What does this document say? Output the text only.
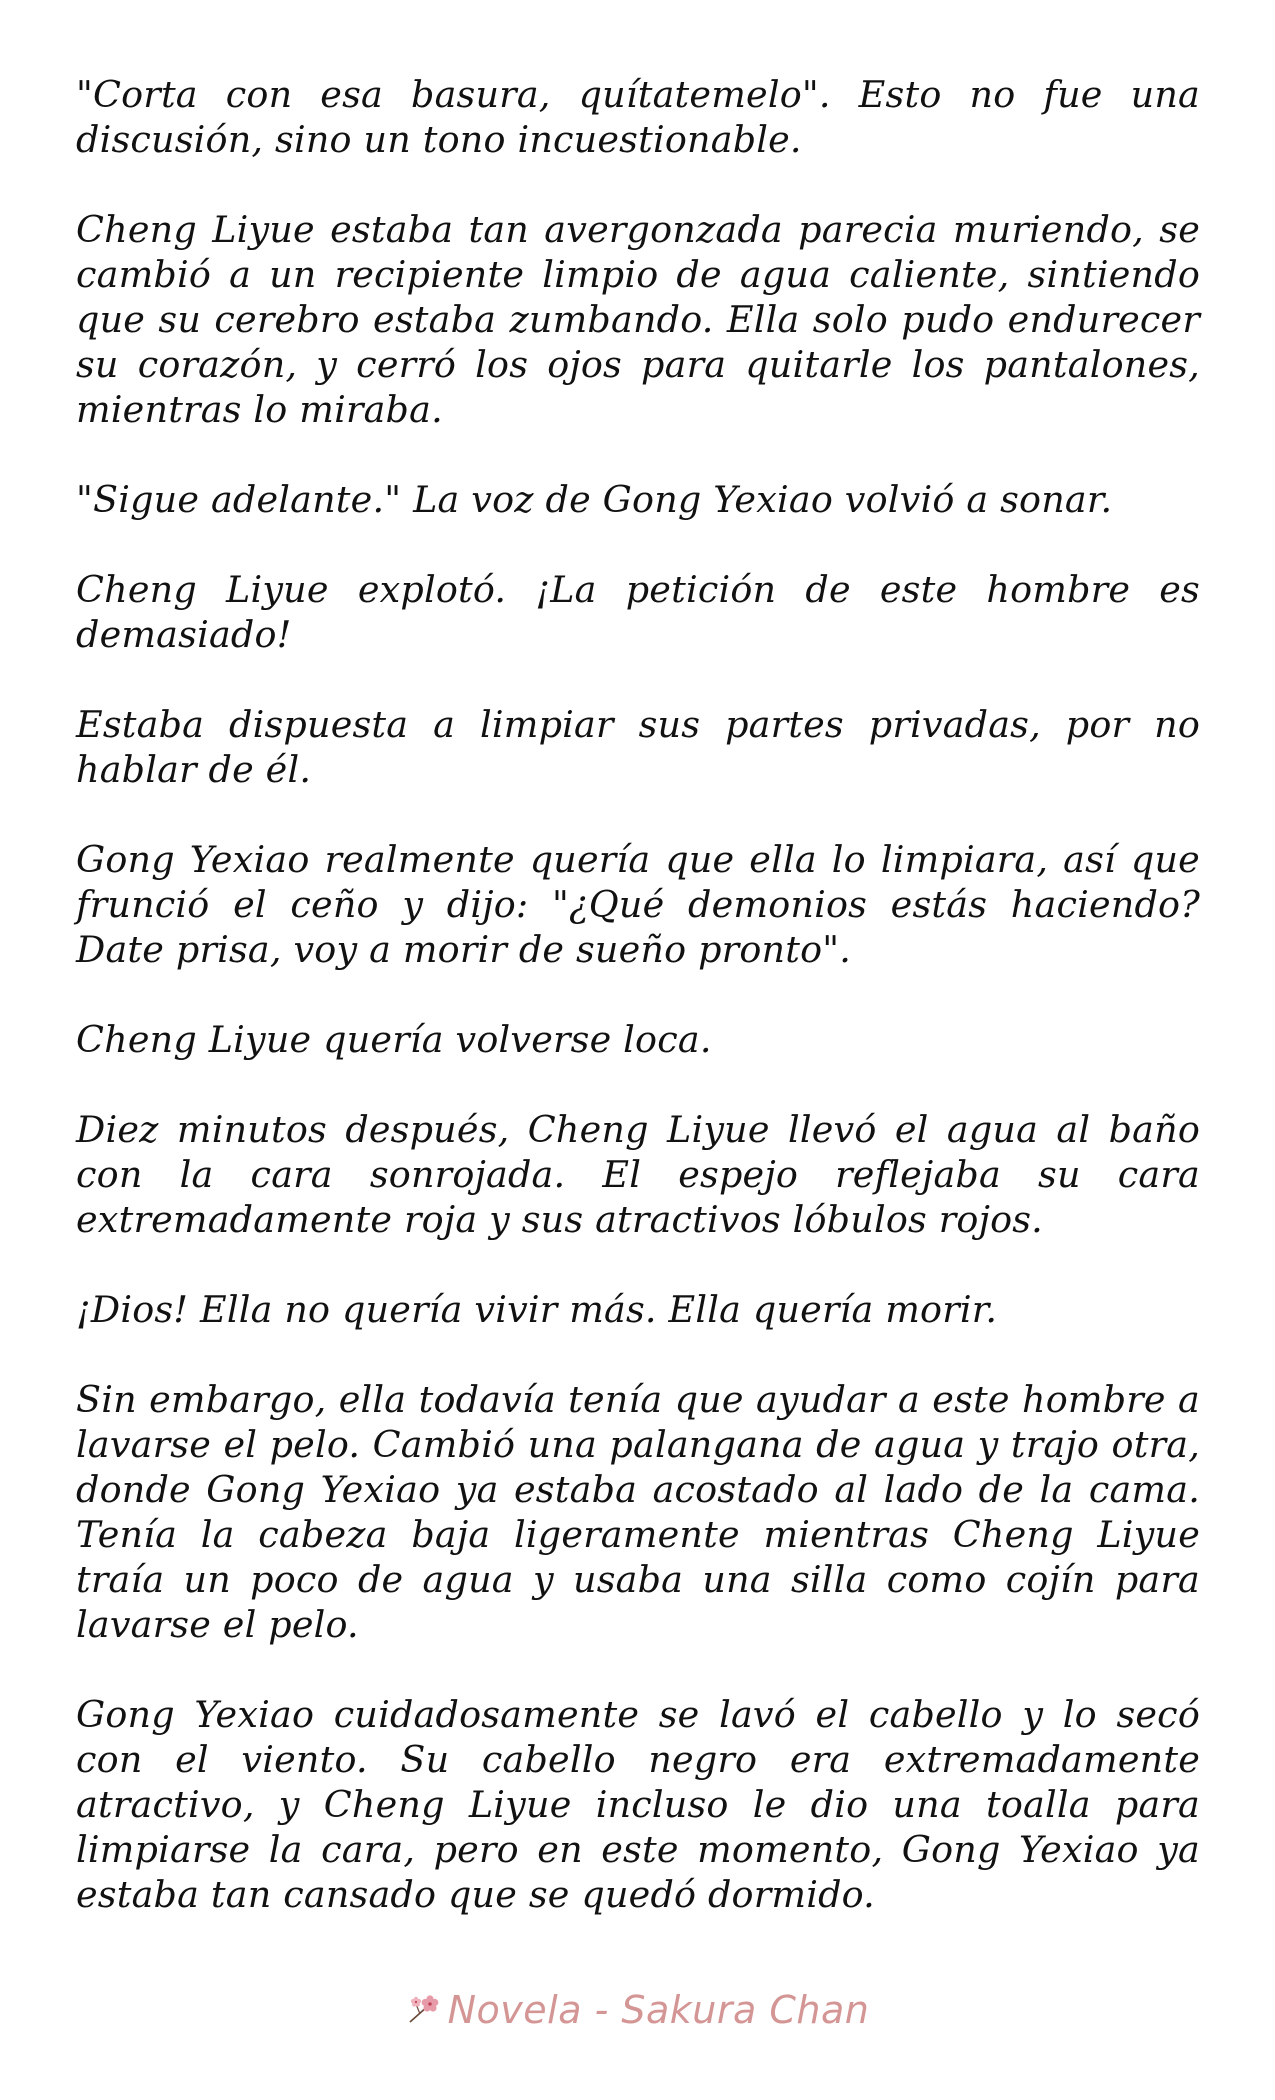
"Corta con esa basura, quítatemelo". Esto no fue una discusión, sino un tono incuestionable.

Cheng Liyue estaba tan avergonzada parecia muriendo, se cambió a un recipiente limpio de agua caliente, sintiendo que su cerebro estaba zumbando. Ella solo pudo endurecer su corazón, y cerró los ojos para quitarle los pantalones, mientras lo miraba.

"Sigue adelante." La voz de Gong Yexiao volvió a sonar.

Cheng Liyue explotó. ¡La petición de este hombre es demasiado!

Estaba dispuesta a limpiar sus partes privadas, por no hablar de él.

Gong Yexiao realmente quería que ella lo limpiara, así que frunció el ceño y dijo: "¿Qué demonios estás haciendo? Date prisa, voy a morir de sueño pronto".

Cheng Liyue quería volverse loca.

Diez minutos después, Cheng Liyue llevó el agua al baño con la cara sonrojada. El espejo reflejaba su cara extremadamente roja y sus atractivos lóbulos rojos.

¡Dios! Ella no quería vivir más. Ella quería morir.

Sin embargo, ella todavía tenía que ayudar a este hombre a lavarse el pelo. Cambió una palangana de agua y trajo otra, donde Gong Yexiao ya estaba acostado al lado de la cama. Tenía la cabeza baja ligeramente mientras Cheng Liyue traía un poco de agua y usaba una silla como cojín para lavarse el pelo.

Gong Yexiao cuidadosamente se lavó el cabello y lo secó con el viento. Su cabello negro era extremadamente atractivo, y Cheng Liyue incluso le dio una toalla para limpiarse la cara, pero en este momento, Gong Yexiao ya estaba tan cansado que se quedó dormido.

Novela - Sakura Chan
